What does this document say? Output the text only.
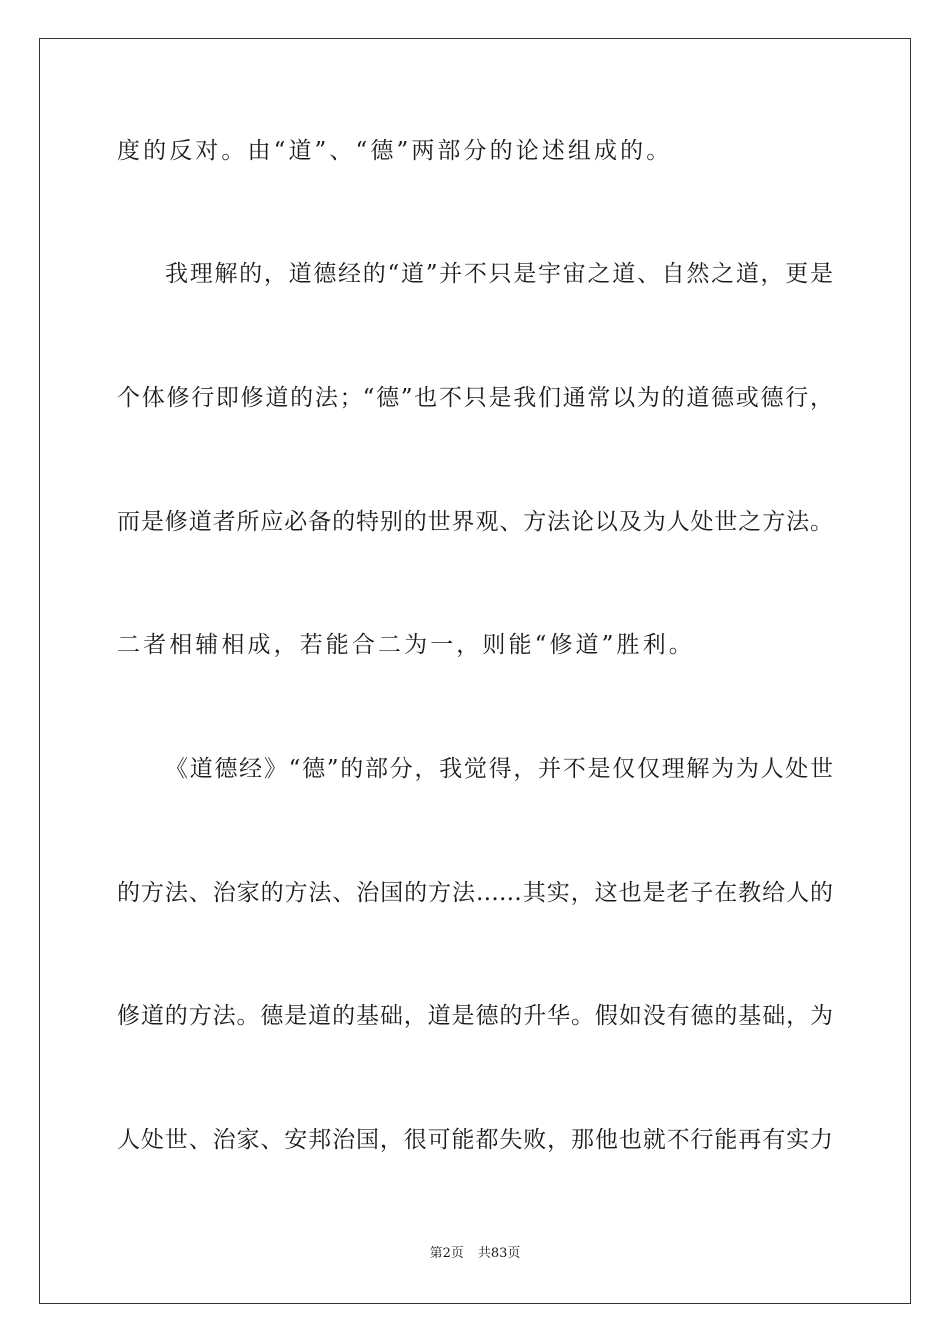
度的反对。由“道”、“德”两部分的论述组成的。
我理解的，道德经的“道”并不只是宇宙之道、自然之道，更是
个体修行即修道的法；“德”也不只是我们通常以为的道德或德行，
而是修道者所应必备的特别的世界观、方法论以及为人处世之方法。
二者相辅相成，若能合二为一，则能“修道”胜利。
《道德经》“德”的部分，我觉得，并不是仅仅理解为为人处世
的方法、治家的方法、治国的方法……其实，这也是老子在教给人的
修道的方法。德是道的基础，道是德的升华。假如没有德的基础，为
人处世、治家、安邦治国，很可能都失败，那他也就不行能再有实力
第2页 共83页
